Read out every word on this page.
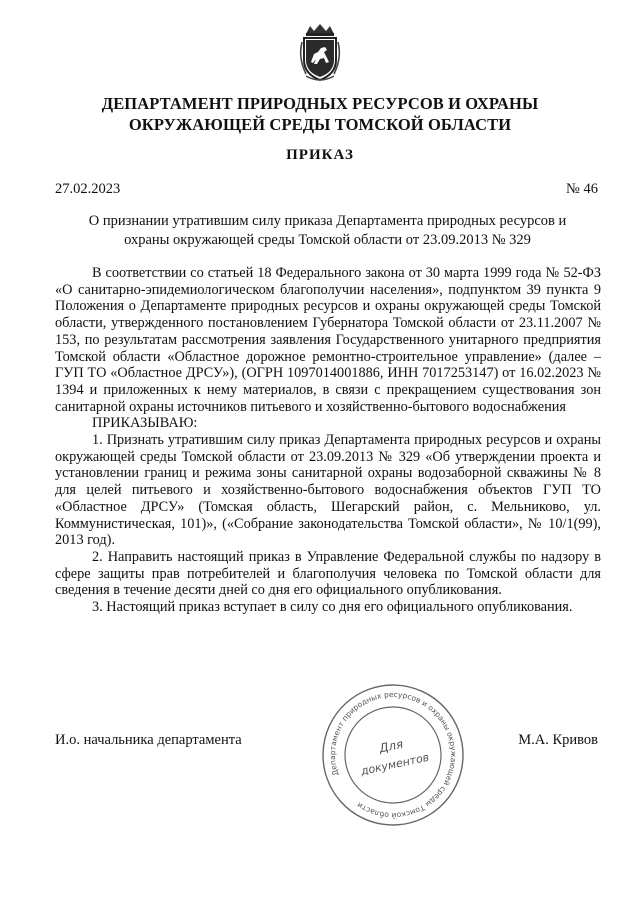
ДЕПАРТАМЕНТ ПРИРОДНЫХ РЕСУРСОВ И ОХРАНЫ
ОКРУЖАЮЩЕЙ СРЕДЫ ТОМСКОЙ ОБЛАСТИ
ПРИКАЗ
27.02.2023	№ 46
О признании утратившим силу приказа Департамента природных ресурсов и
охраны окружающей среды Томской области от 23.09.2013 № 329

В соответствии со статьей 18 Федерального закона от 30 марта 1999 года № 52-ФЗ «О санитарно-эпидемиологическом благополучии населения», подпунктом 39 пункта 9 Положения о Департаменте природных ресурсов и охраны окружающей среды Томской области, утвержденного постановлением Губернатора Томской области от 23.11.2007 № 153, по результатам рассмотрения заявления Государственного унитарного предприятия Томской области «Областное дорожное ремонтно-строительное управление» (далее – ГУП ТО «Областное ДРСУ»), (ОГРН 1097014001886, ИНН 7017253147) от 16.02.2023 № 1394 и приложенных к нему материалов, в связи с прекращением существования зон санитарной охраны источников питьевого и хозяйственно-бытового водоснабжения

ПРИКАЗЫВАЮ:

1. Признать утратившим силу приказ Департамента природных ресурсов и охраны окружающей среды Томской области от 23.09.2013 № 329 «Об утверждении проекта и установлении границ и режима зоны санитарной охраны водозаборной скважины № 8 для целей питьевого и хозяйственно-бытового водоснабжения объектов ГУП ТО «Областное ДРСУ» (Томская область, Шегарский район, с. Мельниково, ул. Коммунистическая, 101)», («Собрание законодательства Томской области», № 10/1(99), 2013 год).

2. Направить настоящий приказ в Управление Федеральной службы по надзору в сфере защиты прав потребителей и благополучия человека по Томской области для сведения в течение десяти дней со дня его официального опубликования.

3. Настоящий приказ вступает в силу со дня его официального опубликования.

И.о. начальника департамента	М.А. Кривов
Департамент природных ресурсов и охраны окружающей среды Томской области
Для
документов
